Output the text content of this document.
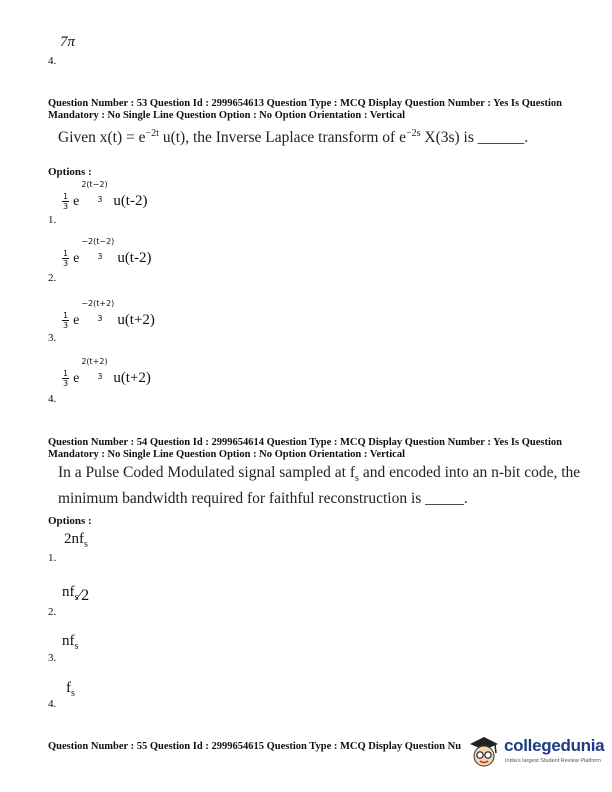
7π
4.
Question Number : 53 Question Id : 2999654613 Question Type : MCQ Display Question Number : Yes Is Question Mandatory : No Single Line Question Option : No Option Orientation : Vertical
Given $x(t) = e^{-2t}$ u(t), the Inverse Laplace transform of $e^{-2s}$ X(3s) is ______.
Options :
$\frac{1}{3}$ e
2(t−2)
3 u(t-2)
1.
$\frac{1}{3}$ e
−2(t−2)
3 u(t-2)
2.
$\frac{1}{3}$ e
−2(t+2)
3 u(t+2)
3.
$\frac{1}{3}$ e
2(t+2)
3 u(t+2)
4.
Question Number : 54 Question Id : 2999654614 Question Type : MCQ Display Question Number : Yes Is Question Mandatory : No Single Line Question Option : No Option Orientation : Vertical
In a Pulse Coded Modulated signal sampled at $f_s$ and encoded into an n-bit code, the
minimum bandwidth required for faithful reconstruction is _____.
Options :
$2nf_s$
1.
$nf_s⁄2$
2.
$nf_s$
3.
$f_s$
4.
Question Number : 55 Question Id : 2999654615 Question Type : MCQ Display Question Nu	collegedunia
India's largest Student Review Platform
